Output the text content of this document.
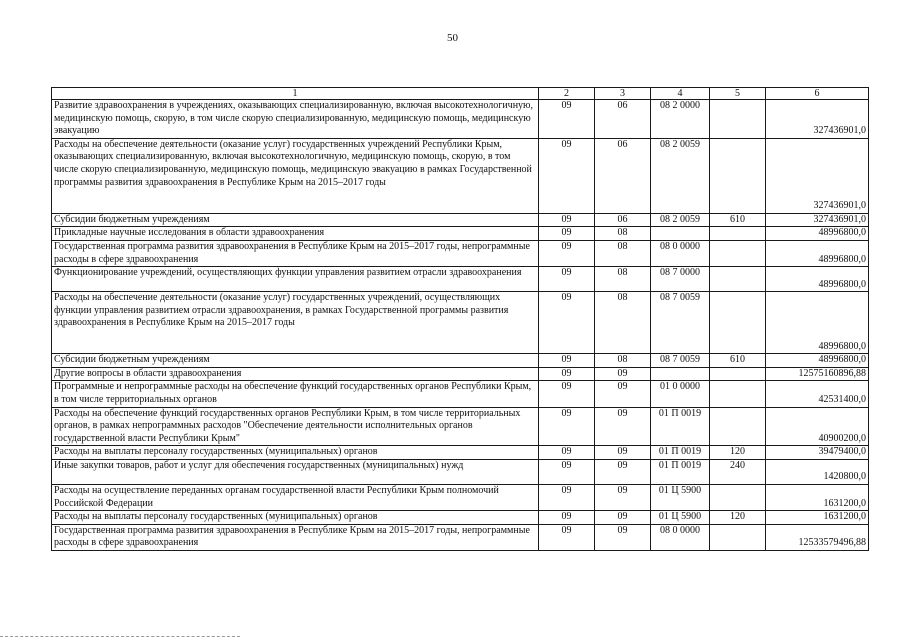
50
1	2	3	4	5	6
Развитие здравоохранения в учреждениях, оказывающих специализированную, включая высокотехнологичную, медицинскую помощь, скорую, в том числе скорую специализированную, медицинскую помощь, медицинскую эвакуацию	09	06	08 2 0000		327436901,0
Расходы на обеспечение деятельности (оказание услуг) государственных учреждений Республики Крым, оказывающих специализированную, включая высокотехнологичную, медицинскую помощь, скорую, в том числе скорую специализированную, медицинскую помощь, медицинскую эвакуацию в рамках Государственной программы развития здравоохранения в Республике Крым на 2015–2017 годы	09	06	08 2 0059		327436901,0
Субсидии бюджетным учреждениям	09	06	08 2 0059	610	327436901,0
Прикладные научные исследования в области здравоохранения	09	08			48996800,0
Государственная программа развития здравоохранения в Республике Крым на 2015–2017 годы, непрограммные расходы в сфере здравоохранения	09	08	08 0 0000		48996800,0
Функционирование учреждений, осуществляющих функции управления развитием отрасли здравоохранения	09	08	08 7 0000		48996800,0
Расходы на обеспечение деятельности (оказание услуг) государственных учреждений, осуществляющих функции управления развитием отрасли здравоохранения, в рамках Государственной программы развития здравоохранения в Республике Крым на 2015–2017 годы	09	08	08 7 0059		48996800,0
Субсидии бюджетным учреждениям	09	08	08 7 0059	610	48996800,0
Другие вопросы в области здравоохранения	09	09			12575160896,88
Программные и непрограммные расходы на обеспечение функций государственных органов Республики Крым, в том числе территориальных органов	09	09	01 0 0000		42531400,0
Расходы на обеспечение функций государственных органов Республики Крым, в том числе территориальных органов, в рамках непрограммных расходов "Обеспечение деятельности исполнительных органов государственной власти Республики Крым"	09	09	01 П 0019		40900200,0
Расходы на выплаты персоналу государственных (муниципальных) органов	09	09	01 П 0019	120	39479400,0
Иные закупки товаров, работ и услуг для обеспечения государственных (муниципальных) нужд	09	09	01 П 0019	240	1420800,0
Расходы на осуществление переданных органам государственной власти Республики Крым полномочий Российской Федерации	09	09	01 Ц 5900		1631200,0
Расходы на выплаты персоналу государственных (муниципальных) органов	09	09	01 Ц 5900	120	1631200,0
Государственная программа развития здравоохранения в Республике Крым на 2015–2017 годы, непрограммные расходы в сфере здравоохранения	09	09	08 0 0000		12533579496,88
